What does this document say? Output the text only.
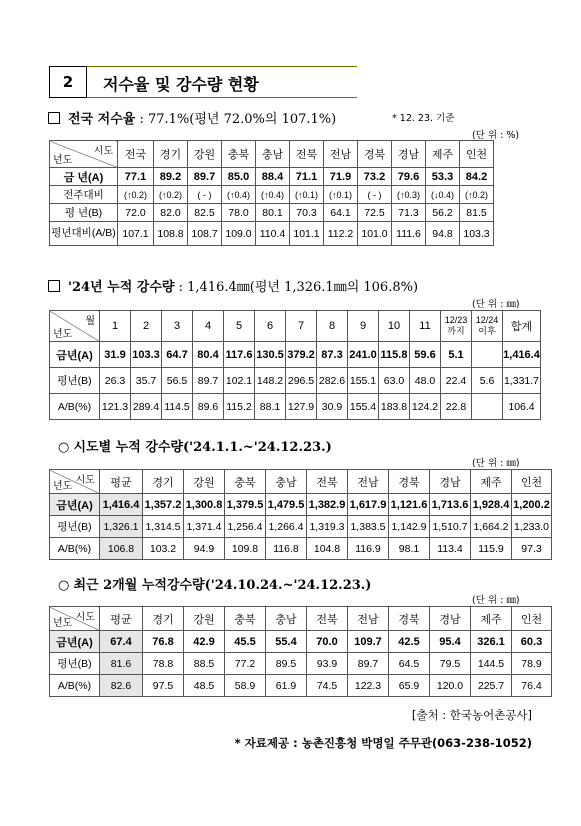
2	저수율 및 강수량 현황
전국 저수율 : 77.1%(평년 72.0%의 107.1%)	* 12. 23. 기준
(단 위 : %)
시도
년도	전국	경기	강원	충북	충남	전북	전남	경북	경남	제주	인천
금 년(A)	77.1	89.2	89.7	85.0	88.4	71.1	71.9	73.2	79.6	53.3	84.2
전주대비	(↑0.2)	(↑0.2)	( - )	(↑0.4)	(↑0.4)	(↑0.1)	(↑0.1)	( - )	(↑0.3)	(↓0.4)	(↑0.2)
평 년(B)	72.0	82.0	82.5	78.0	80.1	70.3	64.1	72.5	71.3	56.2	81.5
평년대비(A/B)	107.1	108.8	108.7	109.0	110.4	101.1	112.2	101.0	111.6	94.8	103.3
'24년 누적 강수량 : 1,416.4㎜(평년 1,326.1㎜의 106.8%)
(단 위 : ㎜)
월
년도	1	2	3	4	5	6	7	8	9	10	11	12/23 까지	12/24 이후	합계
금년(A)	31.9	103.3	64.7	80.4	117.6	130.5	379.2	87.3	241.0	115.8	59.6	5.1		1,416.4
평년(B)	26.3	35.7	56.5	89.7	102.1	148.2	296.5	282.6	155.1	63.0	48.0	22.4	5.6	1,331.7
A/B(%)	121.3	289.4	114.5	89.6	115.2	88.1	127.9	30.9	155.4	183.8	124.2	22.8		106.4
○ 시도별 누적 강수량('24.1.1.~'24.12.23.)
(단 위 : ㎜)
시도
년도	평균	경기	강원	충북	충남	전북	전남	경북	경남	제주	인천
금년(A)	1,416.4	1,357.2	1,300.8	1,379.5	1,479.5	1,382.9	1,617.9	1,121.6	1,713.6	1,928.4	1,200.2
평년(B)	1,326.1	1,314.5	1,371.4	1,256.4	1,266.4	1,319.3	1,383.5	1,142.9	1,510.7	1,664.2	1,233.0
A/B(%)	106.8	103.2	94.9	109.8	116.8	104.8	116.9	98.1	113.4	115.9	97.3
○ 최근 2개월 누적강수량('24.10.24.~'24.12.23.)
(단 위 : ㎜)
시도
년도	평균	경기	강원	충북	충남	전북	전남	경북	경남	제주	인천
금년(A)	67.4	76.8	42.9	45.5	55.4	70.0	109.7	42.5	95.4	326.1	60.3
평년(B)	81.6	78.8	88.5	77.2	89.5	93.9	89.7	64.5	79.5	144.5	78.9
A/B(%)	82.6	97.5	48.5	58.9	61.9	74.5	122.3	65.9	120.0	225.7	76.4
[출처 : 한국농어촌공사]
* 자료제공 : 농촌진흥청 박명일 주무관(063-238-1052)
